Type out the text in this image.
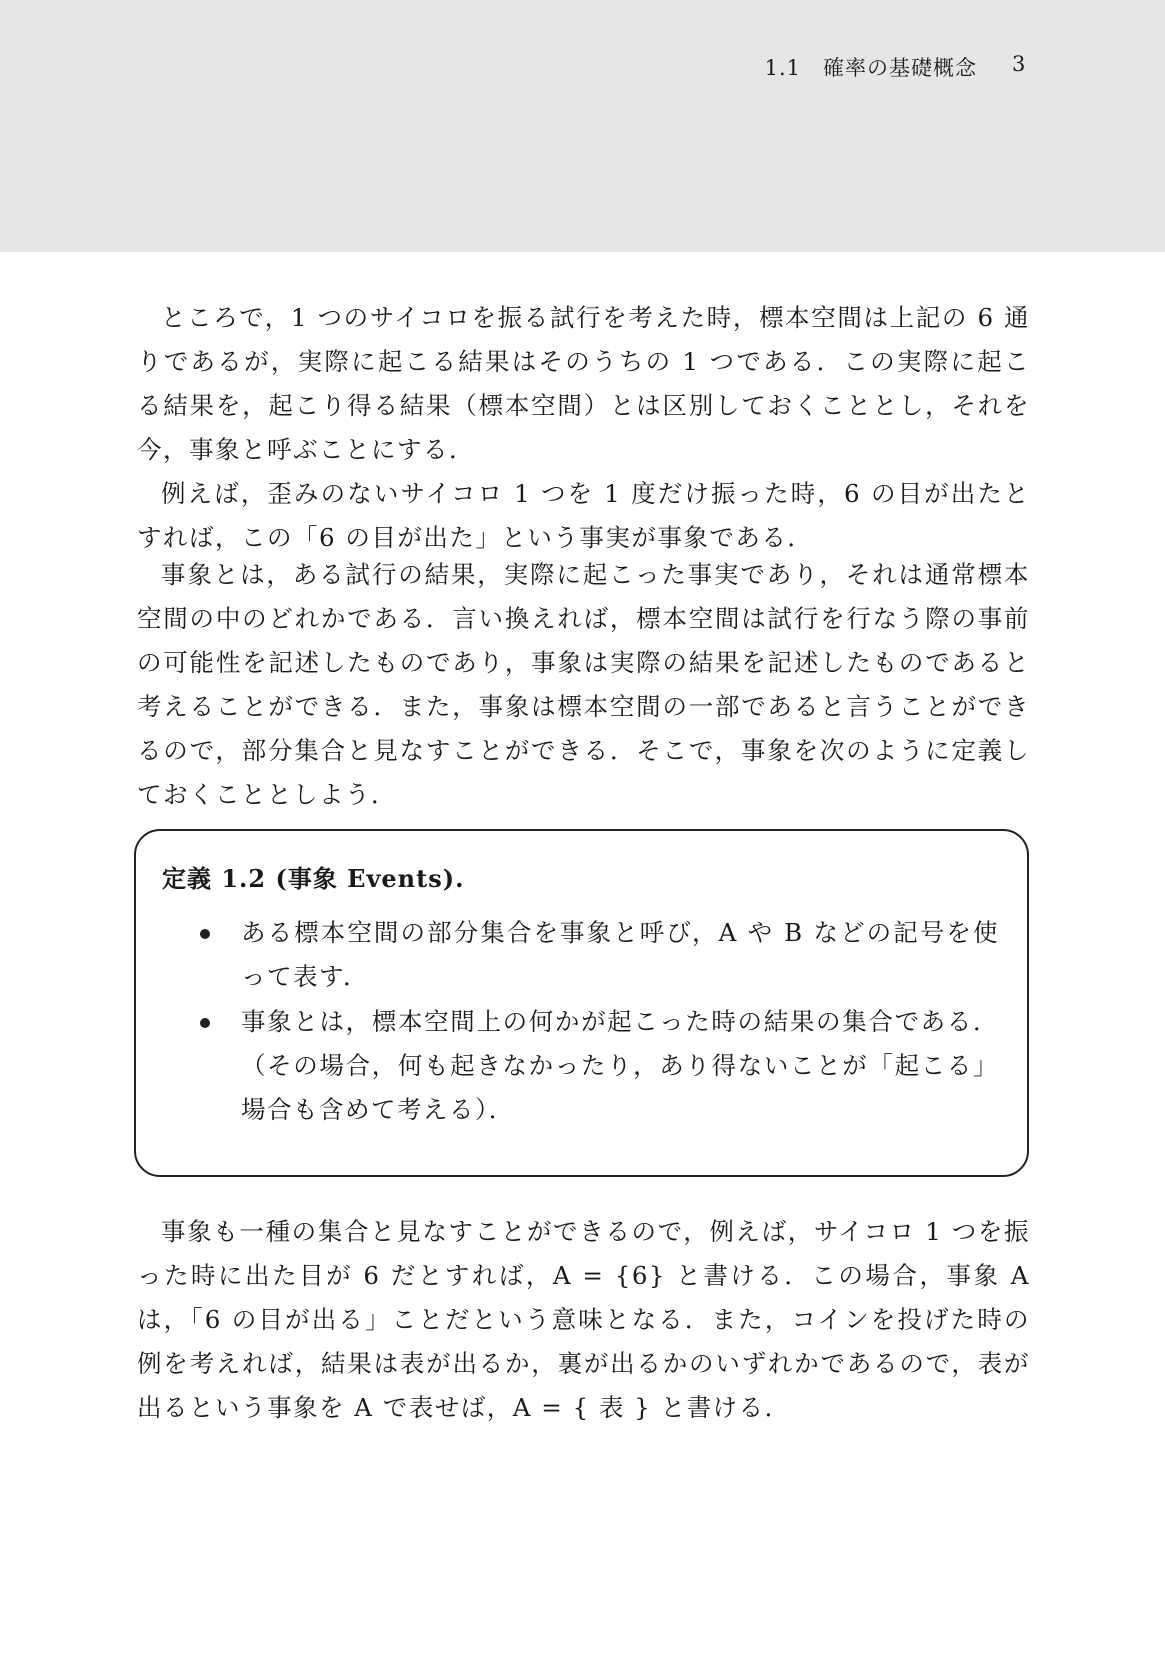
1.1　確率の基礎概念 3

ところで，1 つのサイコロを振る試行を考えた時，標本空間は上記の 6 通りであるが，実際に起こる結果はそのうちの 1 つである．この実際に起こる結果を，起こり得る結果（標本空間）とは区別しておくこととし，それを今，事象と呼ぶことにする．

例えば，歪みのないサイコロ 1 つを 1 度だけ振った時，6 の目が出たとすれば，この「6 の目が出た」という事実が事象である．

事象とは，ある試行の結果，実際に起こった事実であり，それは通常標本空間の中のどれかである．言い換えれば，標本空間は試行を行なう際の事前の可能性を記述したものであり，事象は実際の結果を記述したものであると考えることができる．また，事象は標本空間の一部であると言うことができるので，部分集合と見なすことができる．そこで，事象を次のように定義しておくこととしよう．

定義 1.2 (事象 Events).
ある標本空間の部分集合を事象と呼び，A や B などの記号を使って表す．
事象とは，標本空間上の何かが起こった時の結果の集合である．（その場合，何も起きなかったり，あり得ないことが「起こる」場合も含めて考える）．

事象も一種の集合と見なすことができるので，例えば，サイコロ 1 つを振った時に出た目が 6 だとすれば，A = {6} と書ける．この場合，事象 A は，「6 の目が出る」ことだという意味となる．また，コインを投げた時の例を考えれば，結果は表が出るか，裏が出るかのいずれかであるので，表が出るという事象を A で表せば，A = { 表 } と書ける．
